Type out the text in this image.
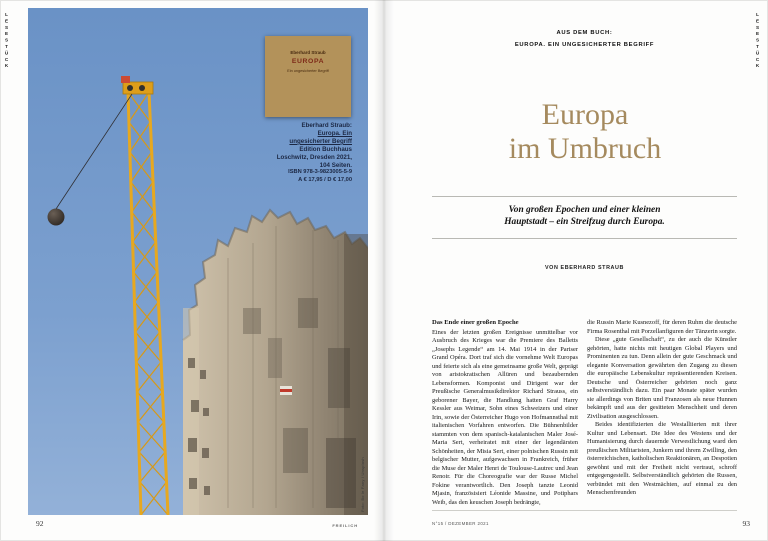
LESESTÜCK	Eberhard Straub
EUROPA
Ein ungesicherter Begriff
Eberhard Straub:
Europa. Ein
ungesicherter Begriff
Edition Buchhaus
Loschwitz, Dresden 2021,
104 Seiten.
ISBN 978-3-9823005-5-9
A € 17,95 / D € 17,00
Foto: Bo le Fany / Unsplash
92	FREILICH
LESESTÜCK
AUS DEM BUCH:
EUROPA. EIN UNGESICHERTER BEGRIFF
Europa
im Umbruch
Von großen Epochen und einer kleinen
Hauptstadt – ein Streifzug durch Europa.
VON EBERHARD STRAUB
Das Ende einer großen Epoche

Eines der letzten großen Ereignisse unmittelbar vor Ausbruch des Krieges war die Premiere des Balletts „Josephs Legende“ am 14. Mai 1914 in der Pariser Grand Opéra. Dort traf sich die vornehme Welt Europas und feierte sich als eine gemeinsame große Welt, geprägt von aristokratischen Allüren und bezaubernden Lebensformen. Komponist und Dirigent war der Preußische Generalmusikdirektor Richard Strauss, ein geborener Bayer, die Handlung hatten Graf Harry Kessler aus Weimar, Sohn eines Schweizers und einer Irin, sowie der Österreicher Hugo von Hofmannsthal mit italienischen Vorfahren entworfen. Die Bühnenbilder stammten von dem spanisch-katalanischen Maler José-Maria Sert, verheiratet mit einer der legendärsten Schönheiten, der Misia Sert, einer polnischen Russin mit belgischer Mutter, aufgewachsen in Frankreich, früher die Muse der Maler Henri de Toulouse-Lautrec und Jean Renoir. Für die Choreografie war der Russe Michel Fokine verantwortlich. Den Joseph tanzte Leonid Mjasin, französisiert Léonide Massine, und Potiphars Weib, das den keuschen Joseph bedrängte,

die Russin Marie Kusnezoff, für deren Ruhm die deutsche Firma Rosenthal mit Porzellanfiguren der Tänzerin sorgte.

Diese „gute Gesellschaft“, zu der auch die Künstler gehörten, hatte nichts mit heutigen Global Players und Prominenten zu tun. Denn allein der gute Geschmack und elegante Konversation gewährten den Zugang zu diesen die europäische Lebenskultur repräsentierenden Kreisen. Deutsche und Österreicher gehörten noch ganz selbstverständlich dazu. Ein paar Monate später wurden sie allerdings von Briten und Franzosen als neue Hunnen bekämpft und aus der gesitteten Menschheit und deren Zivilisation ausgeschlossen.

Beides identifizierten die Westalliierten mit ihrer Kultur und Lebensart. Die Idee des Westens und der Humanisierung durch dauernde Verwestlichung ward den preußischen Militaristen, Junkern und ihrem Zwilling, den österreichischen, katholischen Reaktionären, an Despotien gewöhnt und mit der Freiheit nicht vertraut, schroff entgegengestellt. Selbstverständlich gehörten die Russen, verbündet mit den Westmächten, auf einmal zu den Menschenfreunden

N°15 / DEZEMBER 2021	93
